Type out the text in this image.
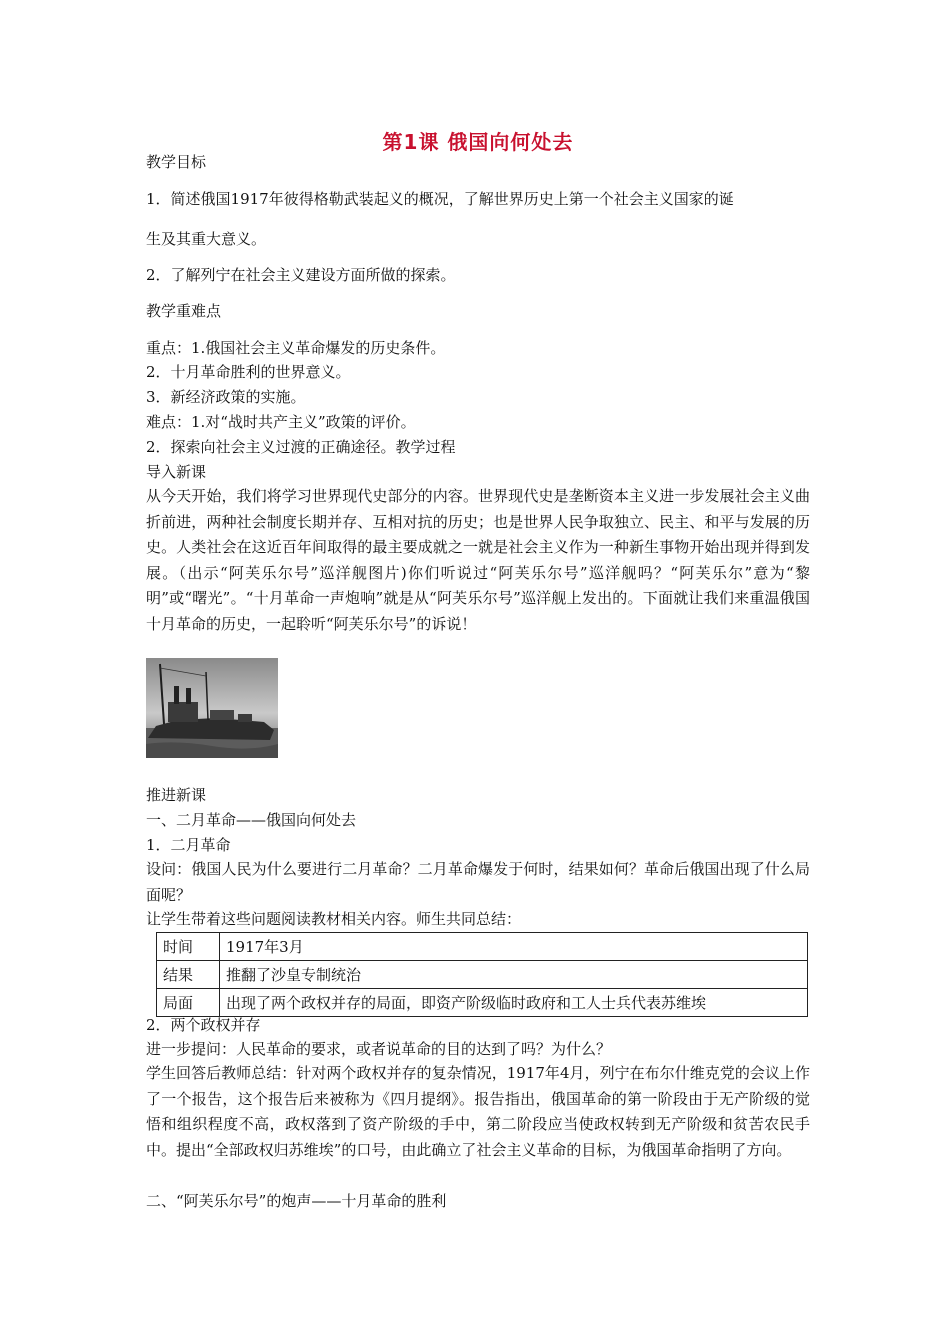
第1课 俄国向何处去
教学目标
1．简述俄国1917年彼得格勒武装起义的概况，了解世界历史上第一个社会主义国家的诞
生及其重大意义。
2．了解列宁在社会主义建设方面所做的探索。
教学重难点
重点：1.俄国社会主义革命爆发的历史条件。
2．十月革命胜利的世界意义。
3．新经济政策的实施。
难点：1.对“战时共产主义”政策的评价。
2．探索向社会主义过渡的正确途径。教学过程
导入新课
从今天开始，我们将学习世界现代史部分的内容。世界现代史是垄断资本主义进一步发展社会主义曲折前进，两种社会制度长期并存、互相对抗的历史；也是世界人民争取独立、民主、和平与发展的历史。人类社会在这近百年间取得的最主要成就之一就是社会主义作为一种新生事物开始出现并得到发展。（出示“阿芙乐尔号”巡洋舰图片)你们听说过“阿芙乐尔号”巡洋舰吗？“阿芙乐尔”意为“黎明”或“曙光”。“十月革命一声炮响”就是从“阿芙乐尔号”巡洋舰上发出的。下面就让我们来重温俄国十月革命的历史，一起聆听“阿芙乐尔号”的诉说！
推进新课
一、二月革命——俄国向何处去
1．二月革命
设问：俄国人民为什么要进行二月革命？二月革命爆发于何时，结果如何？革命后俄国出现了什么局面呢？
让学生带着这些问题阅读教材相关内容。师生共同总结：
时间	1917年3月
结果	推翻了沙皇专制统治
局面	出现了两个政权并存的局面，即资产阶级临时政府和工人士兵代表苏维埃
2．两个政权并存
进一步提问：人民革命的要求，或者说革命的目的达到了吗？为什么？
学生回答后教师总结：针对两个政权并存的复杂情况，1917年4月，列宁在布尔什维克党的会议上作了一个报告，这个报告后来被称为《四月提纲》。报告指出，俄国革命的第一阶段由于无产阶级的觉悟和组织程度不高，政权落到了资产阶级的手中，第二阶段应当使政权转到无产阶级和贫苦农民手中。提出“全部政权归苏维埃”的口号，由此确立了社会主义革命的目标，为俄国革命指明了方向。
二、“阿芙乐尔号”的炮声——十月革命的胜利
